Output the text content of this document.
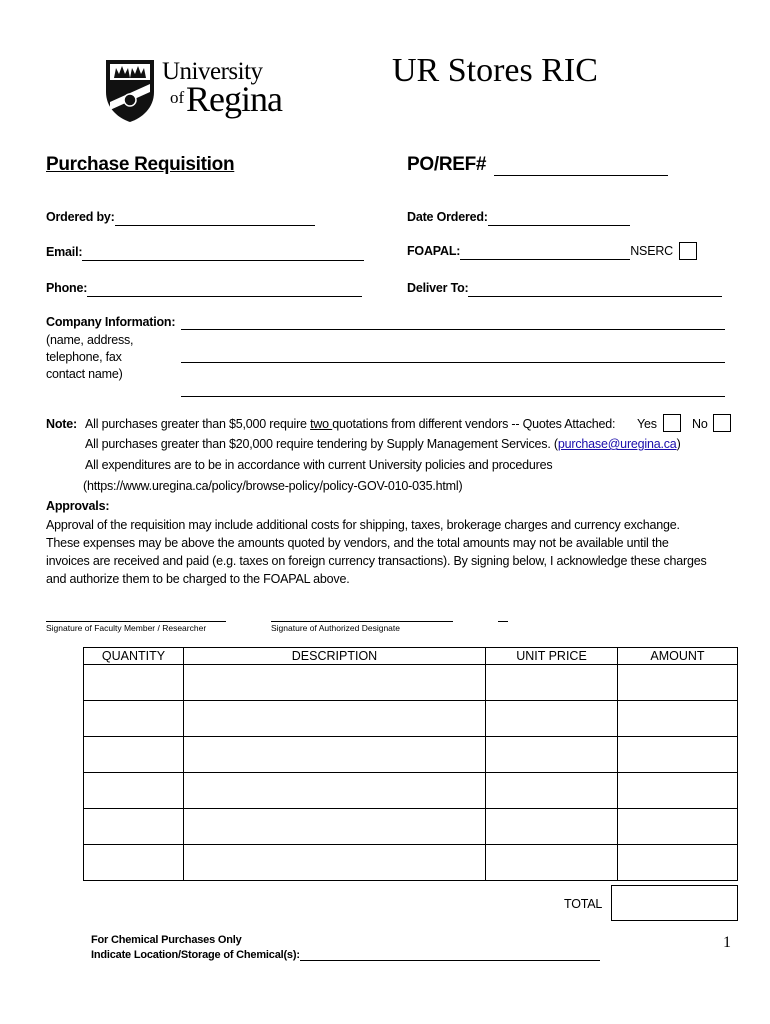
University
of Regina
UR Stores RIC
Purchase Requisition	PO/REF#
Ordered by:	Date Ordered:
Email:	FOAPAL:	NSERC
Phone:	Deliver To:
Company Information:
(name, address,
telephone, fax
contact name)
Note: All purchases greater than $5,000 require two quotations from different vendors -- Quotes Attached: Yes	No
All purchases greater than $20,000 require tendering by Supply Management Services. (purchase@uregina.ca)
All expenditures are to be in accordance with current University policies and procedures
(https://www.uregina.ca/policy/browse-policy/policy-GOV-010-035.html)
Approvals:
Approval of the requisition may include additional costs for shipping, taxes, brokerage charges and currency exchange.
These expenses may be above the amounts quoted by vendors, and the total amounts may not be available until the
invoices are received and paid (e.g. taxes on foreign currency transactions). By signing below, I acknowledge these charges
and authorize them to be charged to the FOAPAL above.
Signature of Faculty Member / Researcher	Signature of Authorized Designate
QUANTITY	DESCRIPTION	UNIT PRICE	AMOUNT

TOTAL
For Chemical Purchases Only
Indicate Location/Storage of Chemical(s):
1
